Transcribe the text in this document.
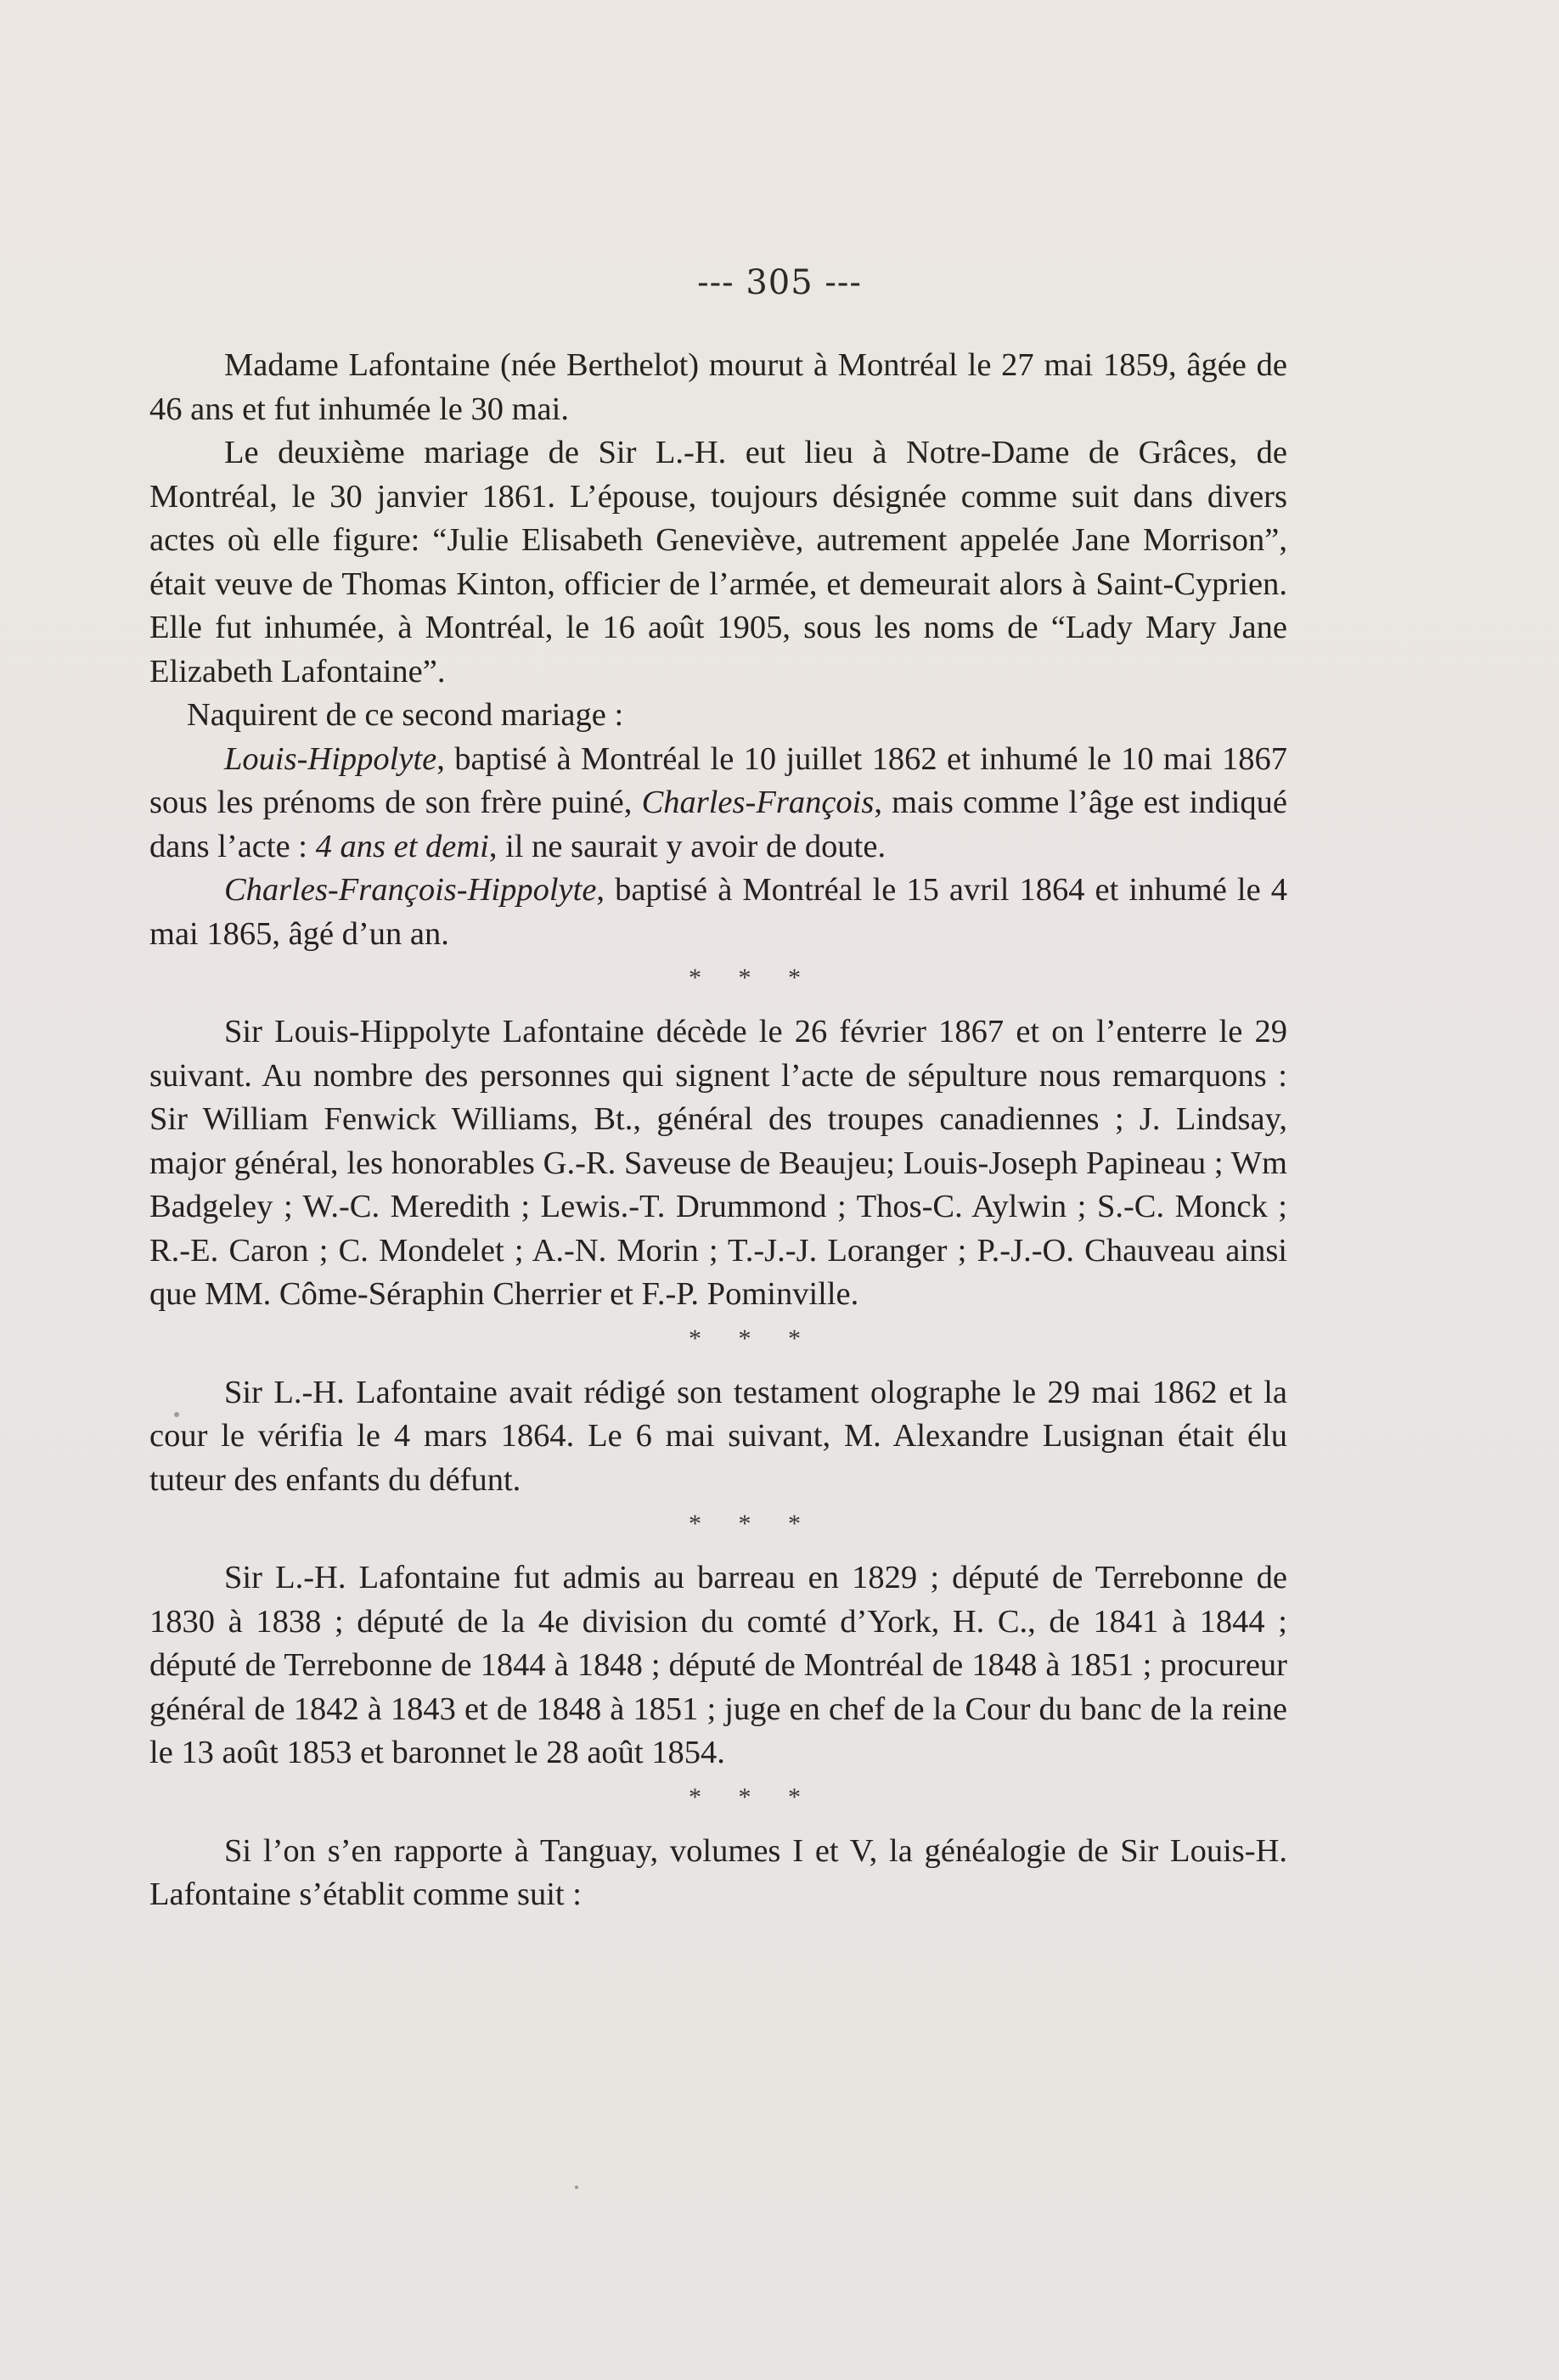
--- 305 ---

Madame Lafontaine (née Berthelot) mourut à Montréal le 27 mai 1859, âgée de 46 ans et fut inhumée le 30 mai.

Le deuxième mariage de Sir L.-H. eut lieu à Notre-Dame de Grâces, de Montréal, le 30 janvier 1861. L’épouse, toujours désignée comme suit dans divers actes où elle figure: “Julie Elisabeth Geneviève, autrement appelée Jane Morrison”, était veuve de Thomas Kinton, officier de l’armée, et demeurait alors à Saint-Cyprien. Elle fut inhumée, à Montréal, le 16 août 1905, sous les noms de “Lady Mary Jane Elizabeth Lafontaine”.

Naquirent de ce second mariage :

Louis-Hippolyte, baptisé à Montréal le 10 juillet 1862 et inhumé le 10 mai 1867 sous les prénoms de son frère puiné, Charles-François, mais comme l’âge est indiqué dans l’acte : 4 ans et demi, il ne saurait y avoir de doute.

Charles-François-Hippolyte, baptisé à Montréal le 15 avril 1864 et inhumé le 4 mai 1865, âgé d’un an.

* * *

Sir Louis-Hippolyte Lafontaine décède le 26 février 1867 et on l’enterre le 29 suivant. Au nombre des personnes qui signent l’acte de sépulture nous remarquons : Sir William Fenwick Williams, Bt., général des troupes canadiennes ; J. Lindsay, major général, les honorables G.-R. Saveuse de Beaujeu; Louis-Joseph Papineau ; Wm Badgeley ; W.-C. Meredith ; Lewis.-T. Drummond ; Thos-C. Aylwin ; S.-C. Monck ; R.-E. Caron ; C. Mondelet ; A.-N. Morin ; T.-J.-J. Loranger ; P.-J.-O. Chauveau ainsi que MM. Côme-Séraphin Cherrier et F.-P. Pominville.

* * *

Sir L.-H. Lafontaine avait rédigé son testament olographe le 29 mai 1862 et la cour le vérifia le 4 mars 1864. Le 6 mai suivant, M. Alexandre Lusignan était élu tuteur des enfants du défunt.

* * *

Sir L.-H. Lafontaine fut admis au barreau en 1829 ; député de Terrebonne de 1830 à 1838 ; député de la 4e division du comté d’York, H. C., de 1841 à 1844 ; député de Terrebonne de 1844 à 1848 ; député de Montréal de 1848 à 1851 ; procureur général de 1842 à 1843 et de 1848 à 1851 ; juge en chef de la Cour du banc de la reine le 13 août 1853 et baronnet le 28 août 1854.

* * *

Si l’on s’en rapporte à Tanguay, volumes I et V, la généalogie de Sir Louis-H. Lafontaine s’établit comme suit :
